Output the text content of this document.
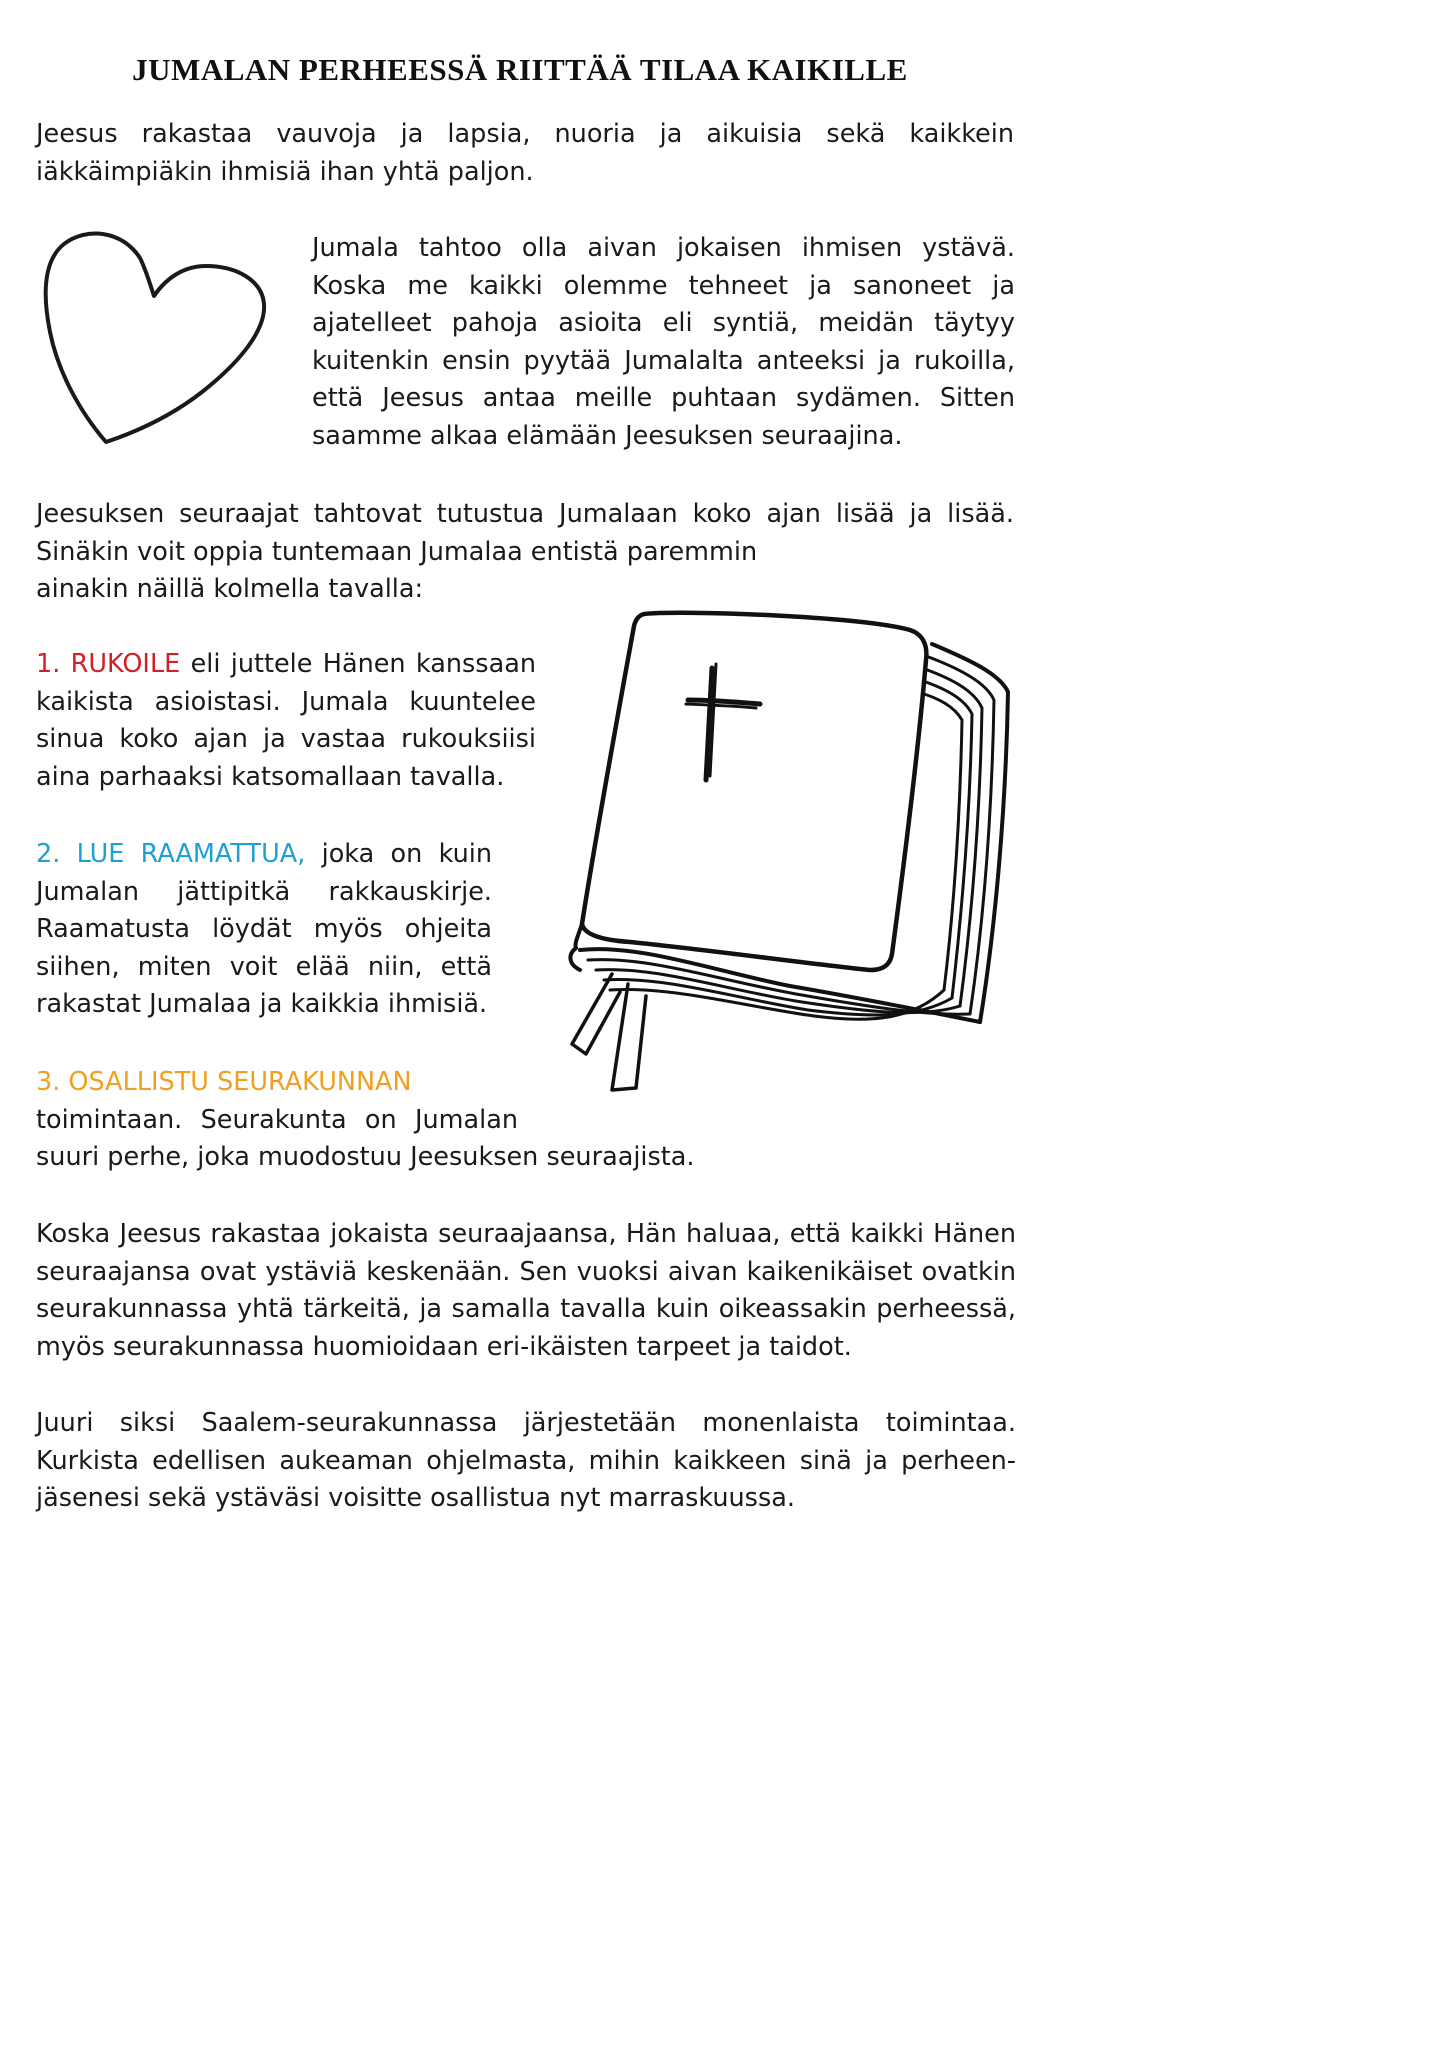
JUMALAN PERHEESSÄ RIITTÄÄ TILAA KAIKILLE
Jeesus rakastaa vauvoja ja lapsia, nuoria ja aikuisia sekä kaikkein
iäkkäimpiäkin ihmisiä ihan yhtä paljon.
Jumala tahtoo olla aivan jokaisen ihmisen ystävä.
Koska me kaikki olemme tehneet ja sanoneet ja
ajatelleet pahoja asioita eli syntiä, meidän täytyy
kuitenkin ensin pyytää Jumalalta anteeksi ja rukoilla,
että Jeesus antaa meille puhtaan sydämen. Sitten
saamme alkaa elämään Jeesuksen seuraajina.
Jeesuksen seuraajat tahtovat tutustua Jumalaan koko ajan lisää ja lisää.
Sinäkin voit oppia tuntemaan Jumalaa entistä paremmin
ainakin näillä kolmella tavalla:
1. RUKOILE eli juttele Hänen kanssaan
kaikista asioistasi. Jumala kuuntelee
sinua koko ajan ja vastaa rukouksiisi
aina parhaaksi katsomallaan tavalla.
2. LUE RAAMATTUA, joka on kuin
Jumalan jättipitkä rakkauskirje.
Raamatusta löydät myös ohjeita
siihen, miten voit elää niin, että
rakastat Jumalaa ja kaikkia ihmisiä.
3. OSALLISTU SEURAKUNNAN
toimintaan. Seurakunta on Jumalan
suuri perhe, joka muodostuu Jeesuksen seuraajista.
Koska Jeesus rakastaa jokaista seuraajaansa, Hän haluaa, että kaikki Hänen
seuraajansa ovat ystäviä keskenään. Sen vuoksi aivan kaikenikäiset ovatkin
seurakunnassa yhtä tärkeitä, ja samalla tavalla kuin oikeassakin perheessä,
myös seurakunnassa huomioidaan eri-ikäisten tarpeet ja taidot.
Juuri siksi Saalem-seurakunnassa järjestetään monenlaista toimintaa.
Kurkista edellisen aukeaman ohjelmasta, mihin kaikkeen sinä ja perheen-
jäsenesi sekä ystäväsi voisitte osallistua nyt marraskuussa.
